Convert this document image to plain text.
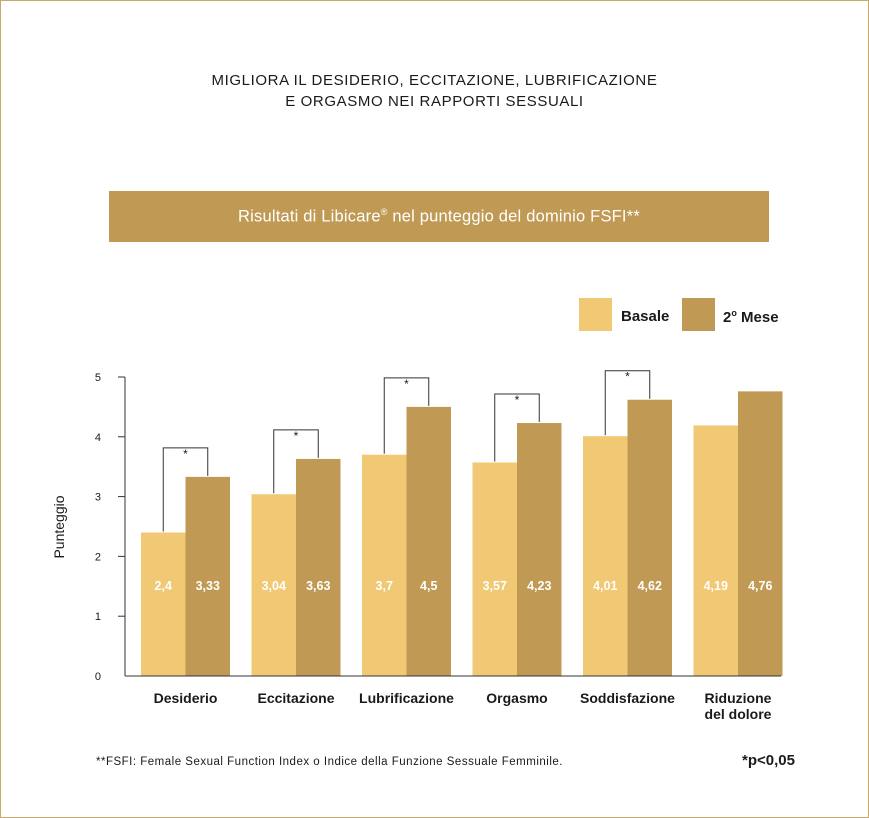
MIGLIORA IL DESIDERIO, ECCITAZIONE, LUBRIFICAZIONE
E ORGASMO NEI RAPPORTI SESSUALI
Risultati di Libicare® nel punteggio del dominio FSFI**
Basale	2$^o$ Mese
0
1
2
3
4
5
Punteggio
2,4 3,33
*
Desiderio
3,04 3,63
*
Eccitazione
3,7 4,5
*
Lubrificazione
3,57 4,23
*
Orgasmo
4,01 4,62
*
Soddisfazione
4,19 4,76
Riduzione
del dolore
**FSFI: Female Sexual Function Index o Indice della Funzione Sessuale Femminile.	*p<0,05
